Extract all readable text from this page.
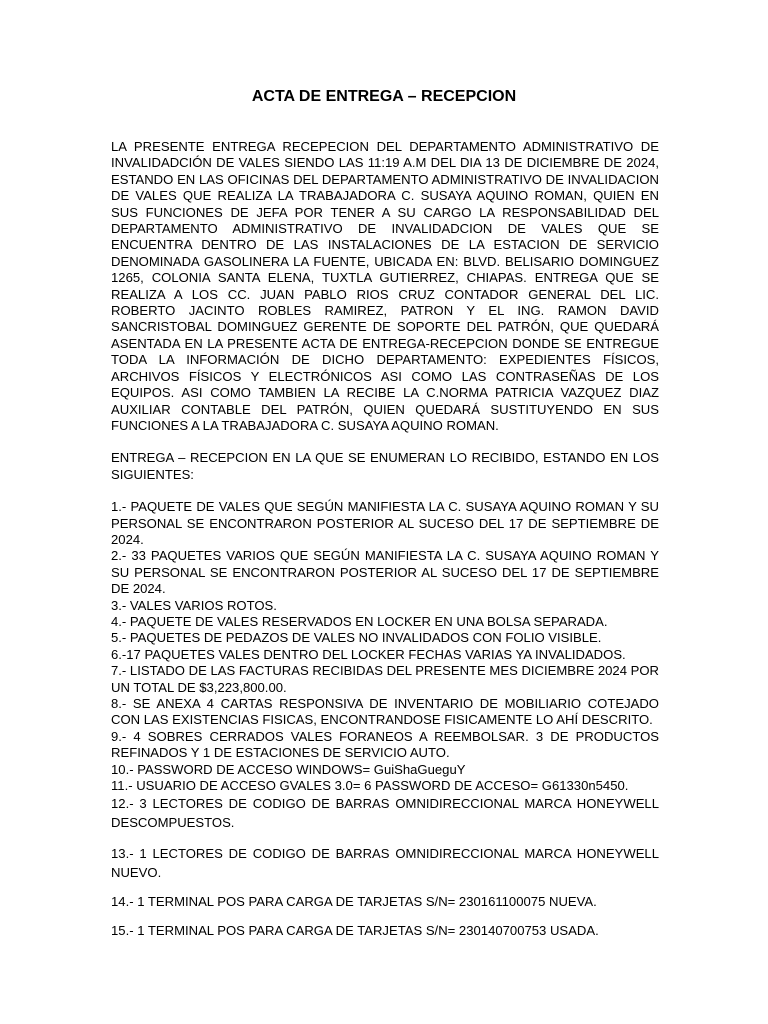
ACTA DE ENTREGA – RECEPCION

LA PRESENTE ENTREGA RECEPECION DEL DEPARTAMENTO ADMINISTRATIVO DE INVALIDADCIÓN DE VALES SIENDO LAS 11:19 A.M DEL DIA 13 DE DICIEMBRE DE 2024, ESTANDO EN LAS OFICINAS DEL DEPARTAMENTO ADMINISTRATIVO DE INVALIDACION DE VALES QUE REALIZA LA TRABAJADORA C. SUSAYA AQUINO ROMAN, QUIEN EN SUS FUNCIONES DE JEFA POR TENER A SU CARGO LA RESPONSABILIDAD DEL DEPARTAMENTO ADMINISTRATIVO DE INVALIDADCION DE VALES QUE SE ENCUENTRA DENTRO DE LAS INSTALACIONES DE LA ESTACION DE SERVICIO DENOMINADA GASOLINERA LA FUENTE, UBICADA EN: BLVD. BELISARIO DOMINGUEZ 1265, COLONIA SANTA ELENA, TUXTLA GUTIERREZ, CHIAPAS. ENTREGA QUE SE REALIZA A LOS CC. JUAN PABLO RIOS CRUZ CONTADOR GENERAL DEL LIC. ROBERTO JACINTO ROBLES RAMIREZ, PATRON Y EL ING. RAMON DAVID SANCRISTOBAL DOMINGUEZ GERENTE DE SOPORTE DEL PATRÓN, QUE QUEDARÁ ASENTADA EN LA PRESENTE ACTA DE ENTREGA-RECEPCION DONDE SE ENTREGUE TODA LA INFORMACIÓN DE DICHO DEPARTAMENTO: EXPEDIENTES FÍSICOS, ARCHIVOS FÍSICOS Y ELECTRÓNICOS ASI COMO LAS CONTRASEÑAS DE LOS EQUIPOS. ASI COMO TAMBIEN LA RECIBE LA C.NORMA PATRICIA VAZQUEZ DIAZ AUXILIAR CONTABLE DEL PATRÓN, QUIEN QUEDARÁ SUSTITUYENDO EN SUS FUNCIONES A LA TRABAJADORA C. SUSAYA AQUINO ROMAN.

ENTREGA – RECEPCION EN LA QUE SE ENUMERAN LO RECIBIDO, ESTANDO EN LOS SIGUIENTES:

1.- PAQUETE DE VALES QUE SEGÚN MANIFIESTA LA C. SUSAYA AQUINO ROMAN Y SU PERSONAL SE ENCONTRARON POSTERIOR AL SUCESO DEL 17 DE SEPTIEMBRE DE 2024.

2.- 33 PAQUETES VARIOS QUE SEGÚN MANIFIESTA LA C. SUSAYA AQUINO ROMAN Y SU PERSONAL SE ENCONTRARON POSTERIOR AL SUCESO DEL 17 DE SEPTIEMBRE DE 2024.

3.- VALES VARIOS ROTOS.

4.- PAQUETE DE VALES RESERVADOS EN LOCKER EN UNA BOLSA SEPARADA.

5.- PAQUETES DE PEDAZOS DE VALES NO INVALIDADOS CON FOLIO VISIBLE.

6.-17 PAQUETES VALES DENTRO DEL LOCKER FECHAS VARIAS YA INVALIDADOS.

7.- LISTADO DE LAS FACTURAS RECIBIDAS DEL PRESENTE MES DICIEMBRE 2024 POR UN TOTAL DE $3,223,800.00.

8.- SE ANEXA 4 CARTAS RESPONSIVA DE INVENTARIO DE MOBILIARIO COTEJADO CON LAS EXISTENCIAS FISICAS, ENCONTRANDOSE FISICAMENTE LO AHÍ DESCRITO.

9.- 4 SOBRES CERRADOS VALES FORANEOS A REEMBOLSAR. 3 DE PRODUCTOS REFINADOS Y 1 DE ESTACIONES DE SERVICIO AUTO.

10.- PASSWORD DE ACCESO WINDOWS= GuiShaGueguY

11.- USUARIO DE ACCESO GVALES 3.0= 6 PASSWORD DE ACCESO= G61330n5450.

12.- 3 LECTORES DE CODIGO DE BARRAS OMNIDIRECCIONAL MARCA HONEYWELL DESCOMPUESTOS.

13.- 1 LECTORES DE CODIGO DE BARRAS OMNIDIRECCIONAL MARCA HONEYWELL NUEVO.

14.- 1 TERMINAL POS PARA CARGA DE TARJETAS S/N= 230161100075 NUEVA.

15.- 1 TERMINAL POS PARA CARGA DE TARJETAS S/N= 230140700753 USADA.
